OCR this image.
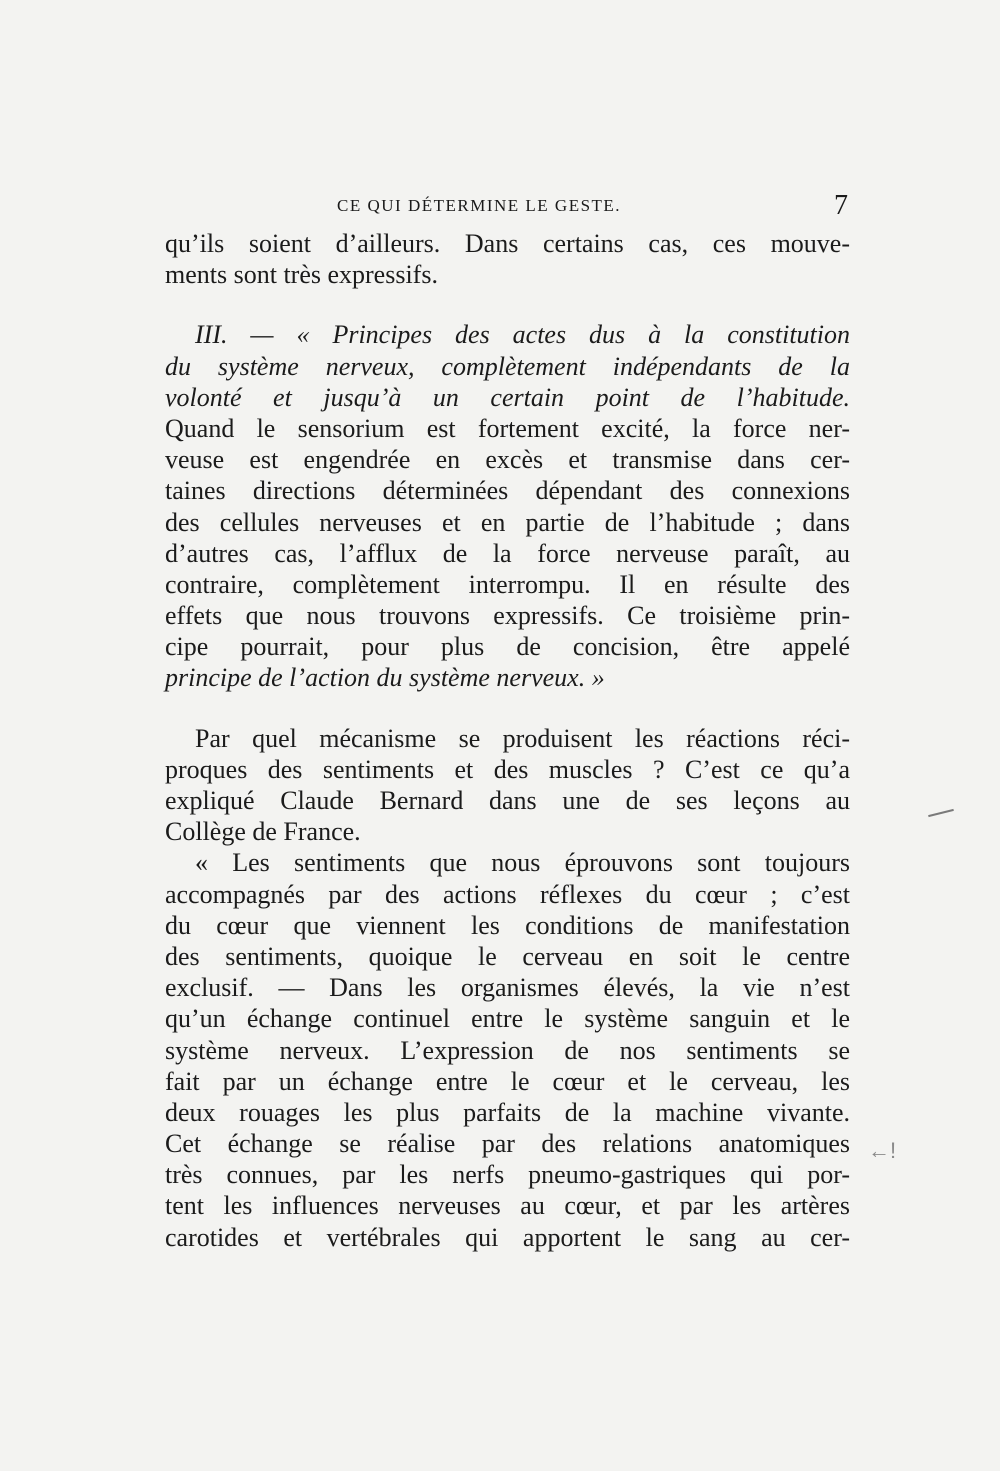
CE QUI DÉTERMINE LE GESTE.	7
qu’ils soient d’ailleurs. Dans certains cas, ces mouve-
ments sont très expressifs.
III. — « Principes des actes dus à la constitution
du système nerveux, complètement indépendants de la
volonté et jusqu’à un certain point de l’habitude.
Quand le sensorium est fortement excité, la force ner-
veuse est engendrée en excès et transmise dans cer-
taines directions déterminées dépendant des connexions
des cellules nerveuses et en partie de l’habitude ; dans
d’autres cas, l’afflux de la force nerveuse paraît, au
contraire, complètement interrompu. Il en résulte des
effets que nous trouvons expressifs. Ce troisième prin-
cipe pourrait, pour plus de concision, être appelé
principe de l’action du système nerveux. »
Par quel mécanisme se produisent les réactions réci-
proques des sentiments et des muscles ? C’est ce qu’a
expliqué Claude Bernard dans une de ses leçons au
Collège de France.
« Les sentiments que nous éprouvons sont toujours
accompagnés par des actions réflexes du cœur ; c’est
du cœur que viennent les conditions de manifestation
des sentiments, quoique le cerveau en soit le centre
exclusif. — Dans les organismes élevés, la vie n’est
qu’un échange continuel entre le système sanguin et le
système nerveux. L’expression de nos sentiments se
fait par un échange entre le cœur et le cerveau, les
deux rouages les plus parfaits de la machine vivante.
Cet échange se réalise par des relations anatomiques
très connues, par les nerfs pneumo-gastriques qui por-
tent les influences nerveuses au cœur, et par les artères
carotides et vertébrales qui apportent le sang au cer-
←!
